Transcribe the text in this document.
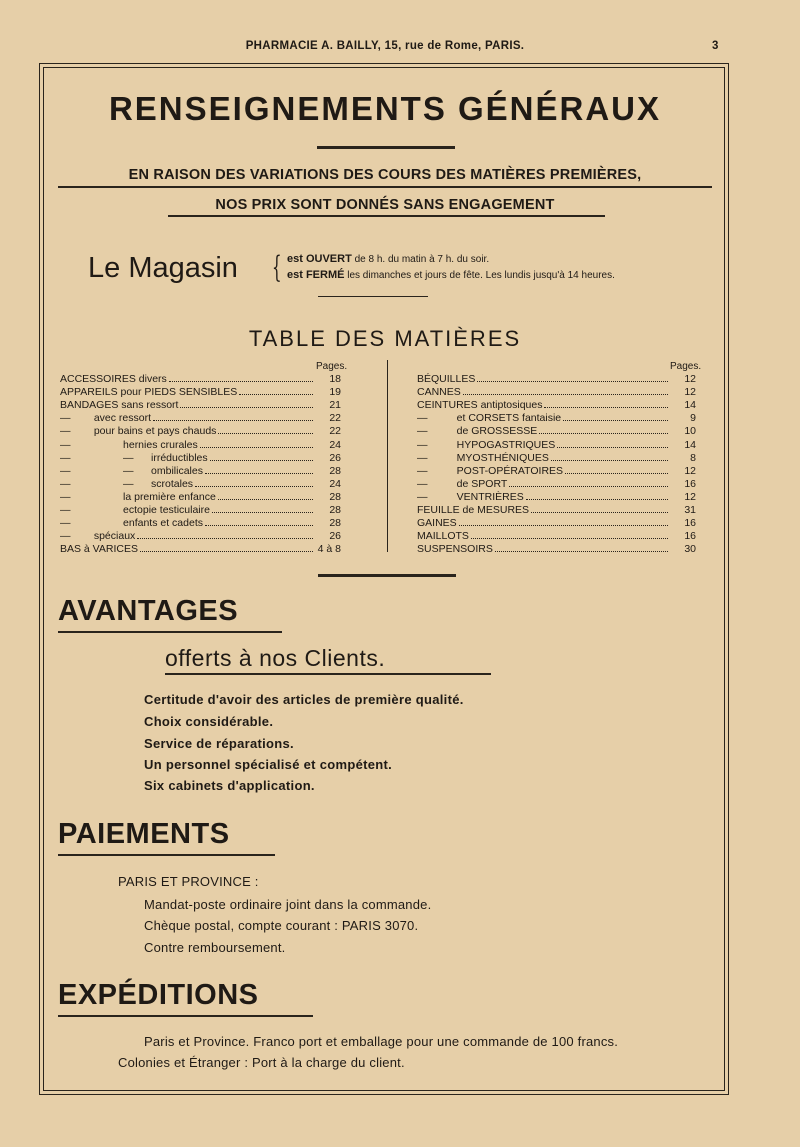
PHARMACIE A. BAILLY, 15, rue de Rome, PARIS.	3
RENSEIGNEMENTS GÉNÉRAUX
EN RAISON DES VARIATIONS DES COURS DES MATIÈRES PREMIÈRES,
NOS PRIX SONT DONNÉS SANS ENGAGEMENT
Le Magasin { est OUVERT de 8 h. du matin à 7 h. du soir.
est FERMÉ les dimanches et jours de fête. Les lundis jusqu'à 14 heures.
TABLE DES MATIÈRES
Pages.	Pages.
ACCESSOIRES divers	18
APPAREILS pour PIEDS SENSIBLES	19
BANDAGES sans ressort	21
—        avec ressort	22
—        pour bains et pays chauds	22
—                  hernies crurales	24
—                  —      irréductibles	26
—                  —      ombilicales	28
—                  —      scrotales	24
—                  la première enfance	28
—                  ectopie testiculaire	28
—                  enfants et cadets	28
—        spéciaux	26
BAS à VARICES	4 à 8
BÉQUILLES	12
CANNES	12
CEINTURES antiptosiques	14
—          et CORSETS fantaisie	9
—          de GROSSESSE	10
—          HYPOGASTRIQUES	14
—          MYOSTHÉNIQUES	8
—          POST-OPÉRATOIRES	12
—          de SPORT	16
—          VENTRIÈRES	12
FEUILLE de MESURES	31
GAINES	16
MAILLOTS	16
SUSPENSOIRS	30
AVANTAGES
offerts à nos Clients.
Certitude d'avoir des articles de première qualité.
Choix considérable.
Service de réparations.
Un personnel spécialisé et compétent.
Six cabinets d'application.
PAIEMENTS
PARIS ET PROVINCE :
Mandat-poste ordinaire joint dans la commande.
Chèque postal, compte courant : PARIS 3070.
Contre remboursement.
EXPÉDITIONS
Paris et Province. Franco port et emballage pour une commande de 100 francs.
Colonies et Étranger : Port à la charge du client.
